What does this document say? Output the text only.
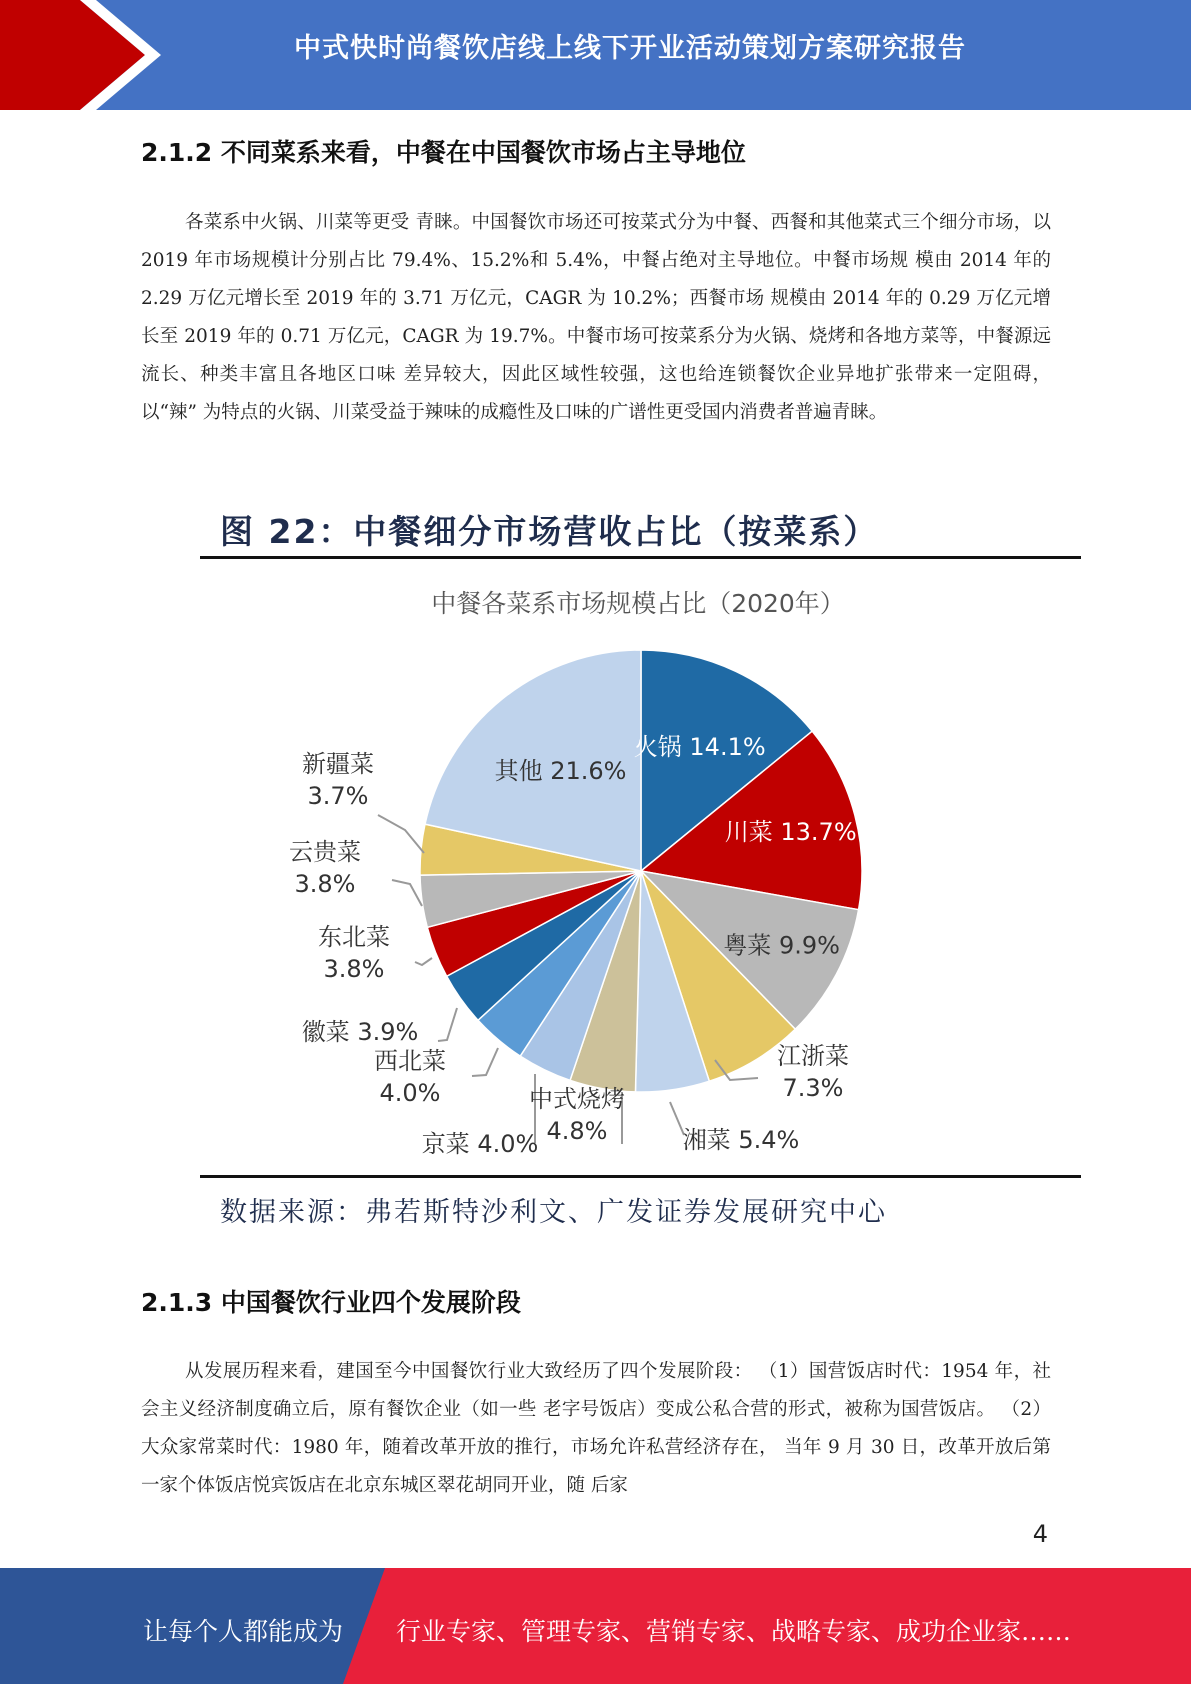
中式快时尚餐饮店线上线下开业活动策划方案研究报告
2.1.2 不同菜系来看，中餐在中国餐饮市场占主导地位

各菜系中火锅、川菜等更受 青睐。中国餐饮市场还可按菜式分为中餐、西餐和其他菜式三个细分市场，以 2019 年市场规模计分别占比 79.4%、15.2%和 5.4%，中餐占绝对主导地位。中餐市场规 模由 2014 年的 2.29 万亿元增长至 2019 年的 3.71 万亿元，CAGR 为 10.2%；西餐市场 规模由 2014 年的 0.29 万亿元增长至 2019 年的 0.71 万亿元，CAGR 为 19.7%。中餐市场可按菜系分为火锅、烧烤和各地方菜等，中餐源远流长、种类丰富且各地区口味 差异较大，因此区域性较强，这也给连锁餐饮企业异地扩张带来一定阻碍，以“辣” 为特点的火锅、川菜受益于辣味的成瘾性及口味的广谱性更受国内消费者普遍青睐。

图 22：中餐细分市场营收占比（按菜系）
中餐各菜系市场规模占比（2020年）
火锅 14.1%
川菜 13.7%
粤菜 9.9%
江浙菜 7.3%
湘菜 5.4%
中式烧烤 4.8%
京菜 4.0%
西北菜 4.0%
徽菜 3.9%
东北菜 3.8%
云贵菜 3.8%
新疆菜 3.7%
其他 21.6%
数据来源：弗若斯特沙利文、广发证券发展研究中心
2.1.3 中国餐饮行业四个发展阶段

从发展历程来看，建国至今中国餐饮行业大致经历了四个发展阶段： （1）国营饭店时代：1954 年，社会主义经济制度确立后，原有餐饮企业（如一些 老字号饭店）变成公私合营的形式，被称为国营饭店。 （2）大众家常菜时代：1980 年，随着改革开放的推行，市场允许私营经济存在， 当年 9 月 30 日，改革开放后第一家个体饭店悦宾饭店在北京东城区翠花胡同开业，随 后家

4
让每个人都能成为 行业专家、管理专家、营销专家、战略专家、成功企业家……
